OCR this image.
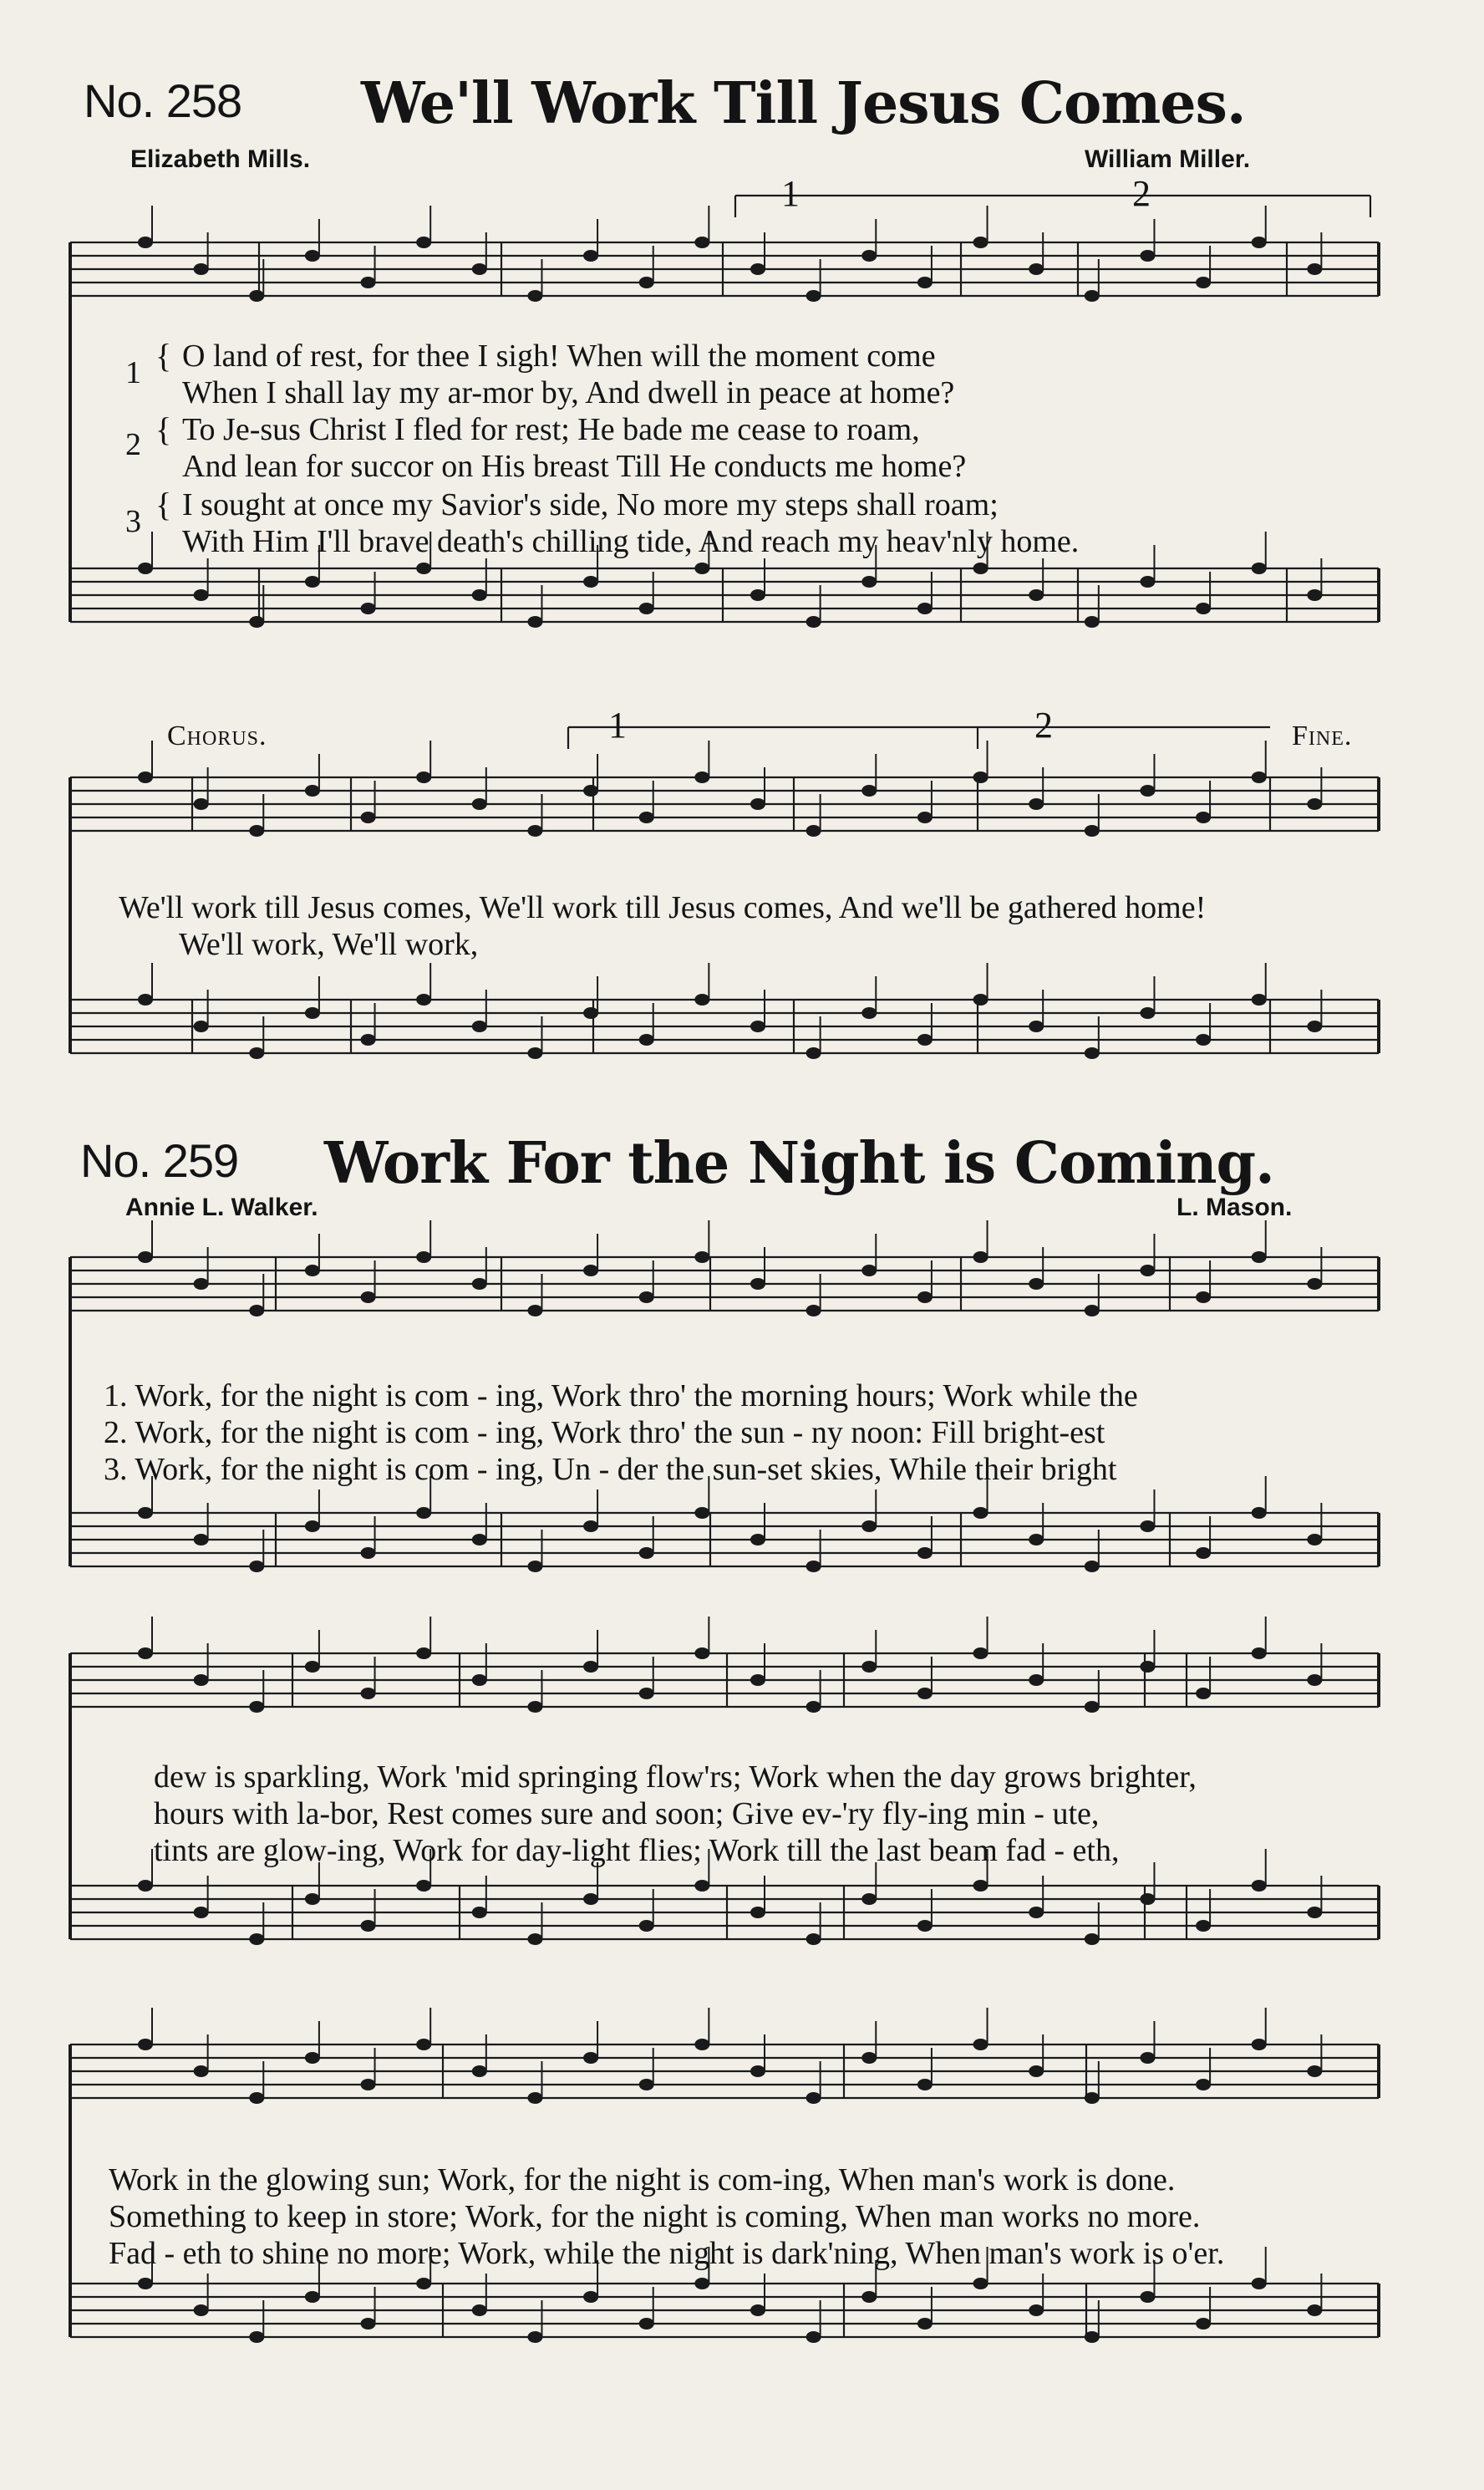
No. 258 We'll Work Till Jesus Comes.
Elizabeth Mills.	William Miller.
1	2
1 { O land of rest, for thee I sigh! When will the moment come
When I shall lay my ar-mor by, And dwell in peace at home?
2 { To Je-sus Christ I fled for rest; He bade me cease to roam,
And lean for succor on His breast Till He conducts me home?
3 { I sought at once my Savior's side, No more my steps shall roam;
With Him I'll brave death's chilling tide, And reach my heav'nly home.
Chorus.	Fine.
1	2
We'll work till Jesus comes, We'll work till Jesus comes, And we'll be gathered home!
We'll work, We'll work,
No. 259 Work For the Night is Coming.
Annie L. Walker.	L. Mason.
1. Work, for the night is com - ing, Work thro' the morning hours; Work while the
2. Work, for the night is com - ing, Work thro' the sun - ny noon: Fill bright-est
3. Work, for the night is com - ing, Un - der the sun-set skies, While their bright
dew is sparkling, Work 'mid springing flow'rs; Work when the day grows brighter,
hours with la-bor, Rest comes sure and soon; Give ev-'ry fly-ing min - ute,
tints are glow-ing, Work for day-light flies; Work till the last beam fad - eth,
Work in the glowing sun; Work, for the night is com-ing, When man's work is done.
Something to keep in store; Work, for the night is coming, When man works no more.
Fad - eth to shine no more; Work, while the night is dark'ning, When man's work is o'er.
